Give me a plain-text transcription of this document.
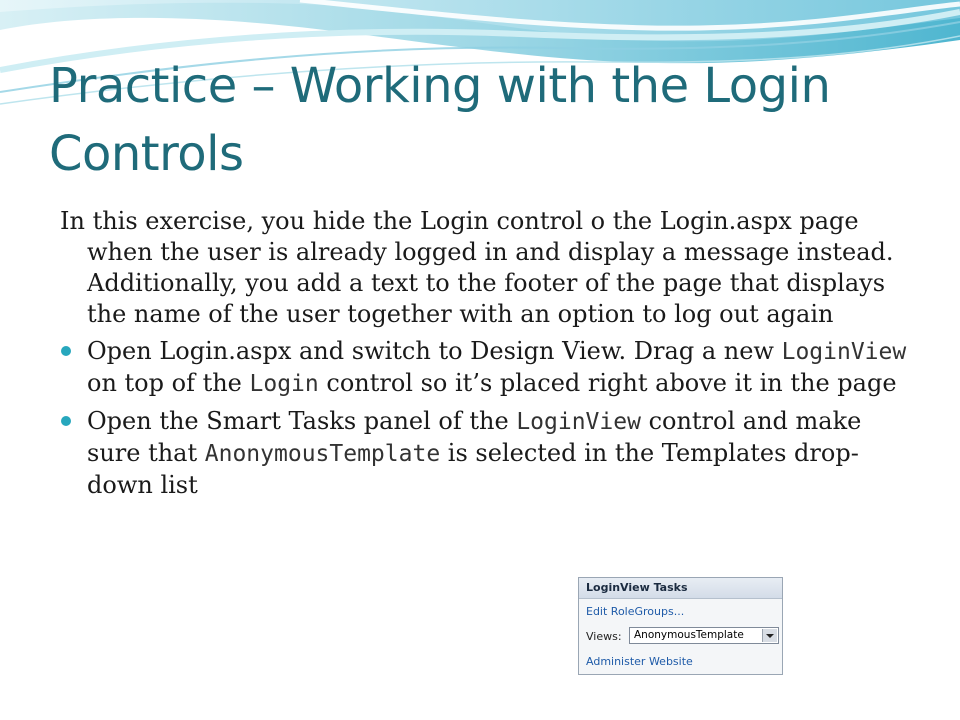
Practice – Working with the Login Controls

In this exercise, you hide the Login control o the Login.aspx page when the user is already logged in and display a message instead. Additionally, you add a text to the footer of the page that displays the name of the user together with an option to log out again

Open Login.aspx and switch to Design View. Drag a new LoginView on top of the Login control so it’s placed right above it in the page
Open the Smart Tasks panel of the LoginView control and make sure that AnonymousTemplate is selected in the Templates drop-down list
LoginView Tasks
Edit RoleGroups...
Views: AnonymousTemplate
Administer Website
